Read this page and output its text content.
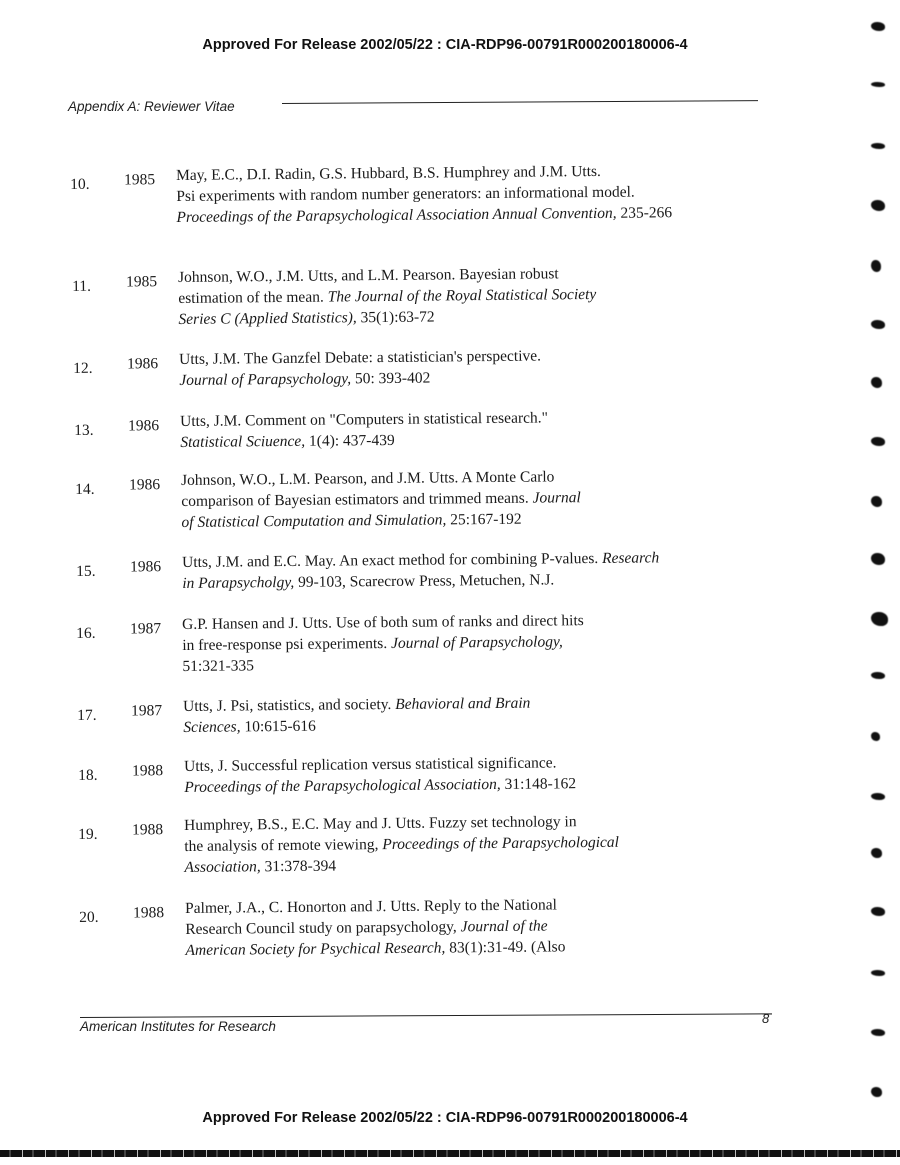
Approved For Release 2002/05/22 : CIA-RDP96-00791R000200180006-4
Appendix A: Reviewer Vitae
10.	1985	May, E.C., D.I. Radin, G.S. Hubbard, B.S. Humphrey and J.M. Utts.
Psi experiments with random number generators: an informational model.
Proceedings of the Parapsychological Association Annual Convention, 235-266
11.	1985	Johnson, W.O., J.M. Utts, and L.M. Pearson. Bayesian robust
estimation of the mean. The Journal of the Royal Statistical Society
Series C (Applied Statistics), 35(1):63-72
12.	1986	Utts, J.M. The Ganzfel Debate: a statistician's perspective.
Journal of Parapsychology, 50: 393-402
13.	1986	Utts, J.M. Comment on "Computers in statistical research."
Statistical Sciuence, 1(4): 437-439
14.	1986	Johnson, W.O., L.M. Pearson, and J.M. Utts. A Monte Carlo
comparison of Bayesian estimators and trimmed means. Journal
of Statistical Computation and Simulation, 25:167-192
15.	1986	Utts, J.M. and E.C. May. An exact method for combining P-values. Research
in Parapsycholgy, 99-103, Scarecrow Press, Metuchen, N.J.
16.	1987	G.P. Hansen and J. Utts. Use of both sum of ranks and direct hits
in free-response psi experiments. Journal of Parapsychology,
51:321-335
17.	1987	Utts, J. Psi, statistics, and society. Behavioral and Brain
Sciences, 10:615-616
18.	1988	Utts, J. Successful replication versus statistical significance.
Proceedings of the Parapsychological Association, 31:148-162
19.	1988	Humphrey, B.S., E.C. May and J. Utts. Fuzzy set technology in
the analysis of remote viewing, Proceedings of the Parapsychological
Association, 31:378-394
20.	1988	Palmer, J.A., C. Honorton and J. Utts. Reply to the National
Research Council study on parapsychology, Journal of the
American Society for Psychical Research, 83(1):31-49. (Also
American Institutes for Research
8
Approved For Release 2002/05/22 : CIA-RDP96-00791R000200180006-4
